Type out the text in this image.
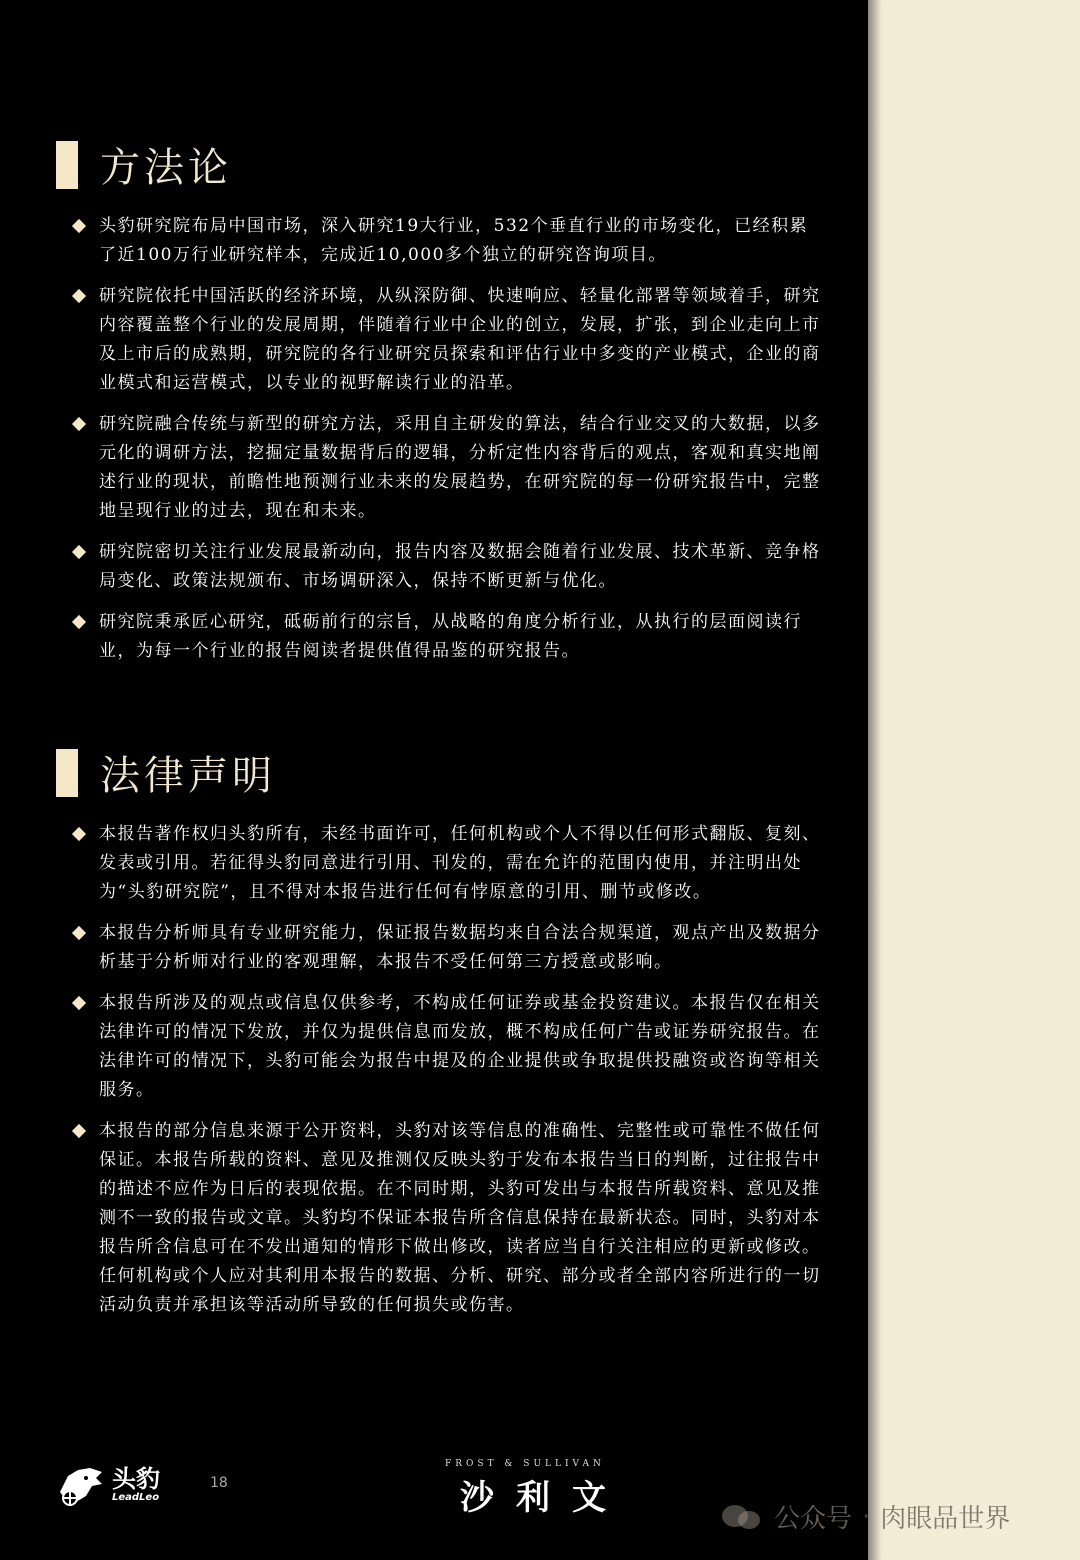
方法论
头豹研究院布局中国市场，深入研究19大行业，532个垂直行业的市场变化，已经积累了近100万行业研究样本，完成近10,000多个独立的研究咨询项目。
研究院依托中国活跃的经济环境，从纵深防御、快速响应、轻量化部署等领域着手，研究内容覆盖整个行业的发展周期，伴随着行业中企业的创立，发展，扩张，到企业走向上市及上市后的成熟期，研究院的各行业研究员探索和评估行业中多变的产业模式，企业的商业模式和运营模式，以专业的视野解读行业的沿革。
研究院融合传统与新型的研究方法，采用自主研发的算法，结合行业交叉的大数据，以多元化的调研方法，挖掘定量数据背后的逻辑，分析定性内容背后的观点，客观和真实地阐述行业的现状，前瞻性地预测行业未来的发展趋势，在研究院的每一份研究报告中，完整地呈现行业的过去，现在和未来。
研究院密切关注行业发展最新动向，报告内容及数据会随着行业发展、技术革新、竞争格局变化、政策法规颁布、市场调研深入，保持不断更新与优化。
研究院秉承匠心研究，砥砺前行的宗旨，从战略的角度分析行业，从执行的层面阅读行业，为每一个行业的报告阅读者提供值得品鉴的研究报告。
法律声明
本报告著作权归头豹所有，未经书面许可，任何机构或个人不得以任何形式翻版、复刻、发表或引用。若征得头豹同意进行引用、刊发的，需在允许的范围内使用，并注明出处为“头豹研究院”，且不得对本报告进行任何有悖原意的引用、删节或修改。
本报告分析师具有专业研究能力，保证报告数据均来自合法合规渠道，观点产出及数据分析基于分析师对行业的客观理解，本报告不受任何第三方授意或影响。
本报告所涉及的观点或信息仅供参考，不构成任何证券或基金投资建议。本报告仅在相关法律许可的情况下发放，并仅为提供信息而发放，概不构成任何广告或证券研究报告。在法律许可的情况下，头豹可能会为报告中提及的企业提供或争取提供投融资或咨询等相关服务。
本报告的部分信息来源于公开资料，头豹对该等信息的准确性、完整性或可靠性不做任何保证。本报告所载的资料、意见及推测仅反映头豹于发布本报告当日的判断，过往报告中的描述不应作为日后的表现依据。在不同时期，头豹可发出与本报告所载资料、意见及推测不一致的报告或文章。头豹均不保证本报告所含信息保持在最新状态。同时，头豹对本报告所含信息可在不发出通知的情形下做出修改，读者应当自行关注相应的更新或修改。任何机构或个人应对其利用本报告的数据、分析、研究、部分或者全部内容所进行的一切活动负责并承担该等活动所导致的任何损失或伤害。
头豹
LeadLeo
18
FROST & SULLIVAN
沙利文
公众号 · 肉眼品世界
